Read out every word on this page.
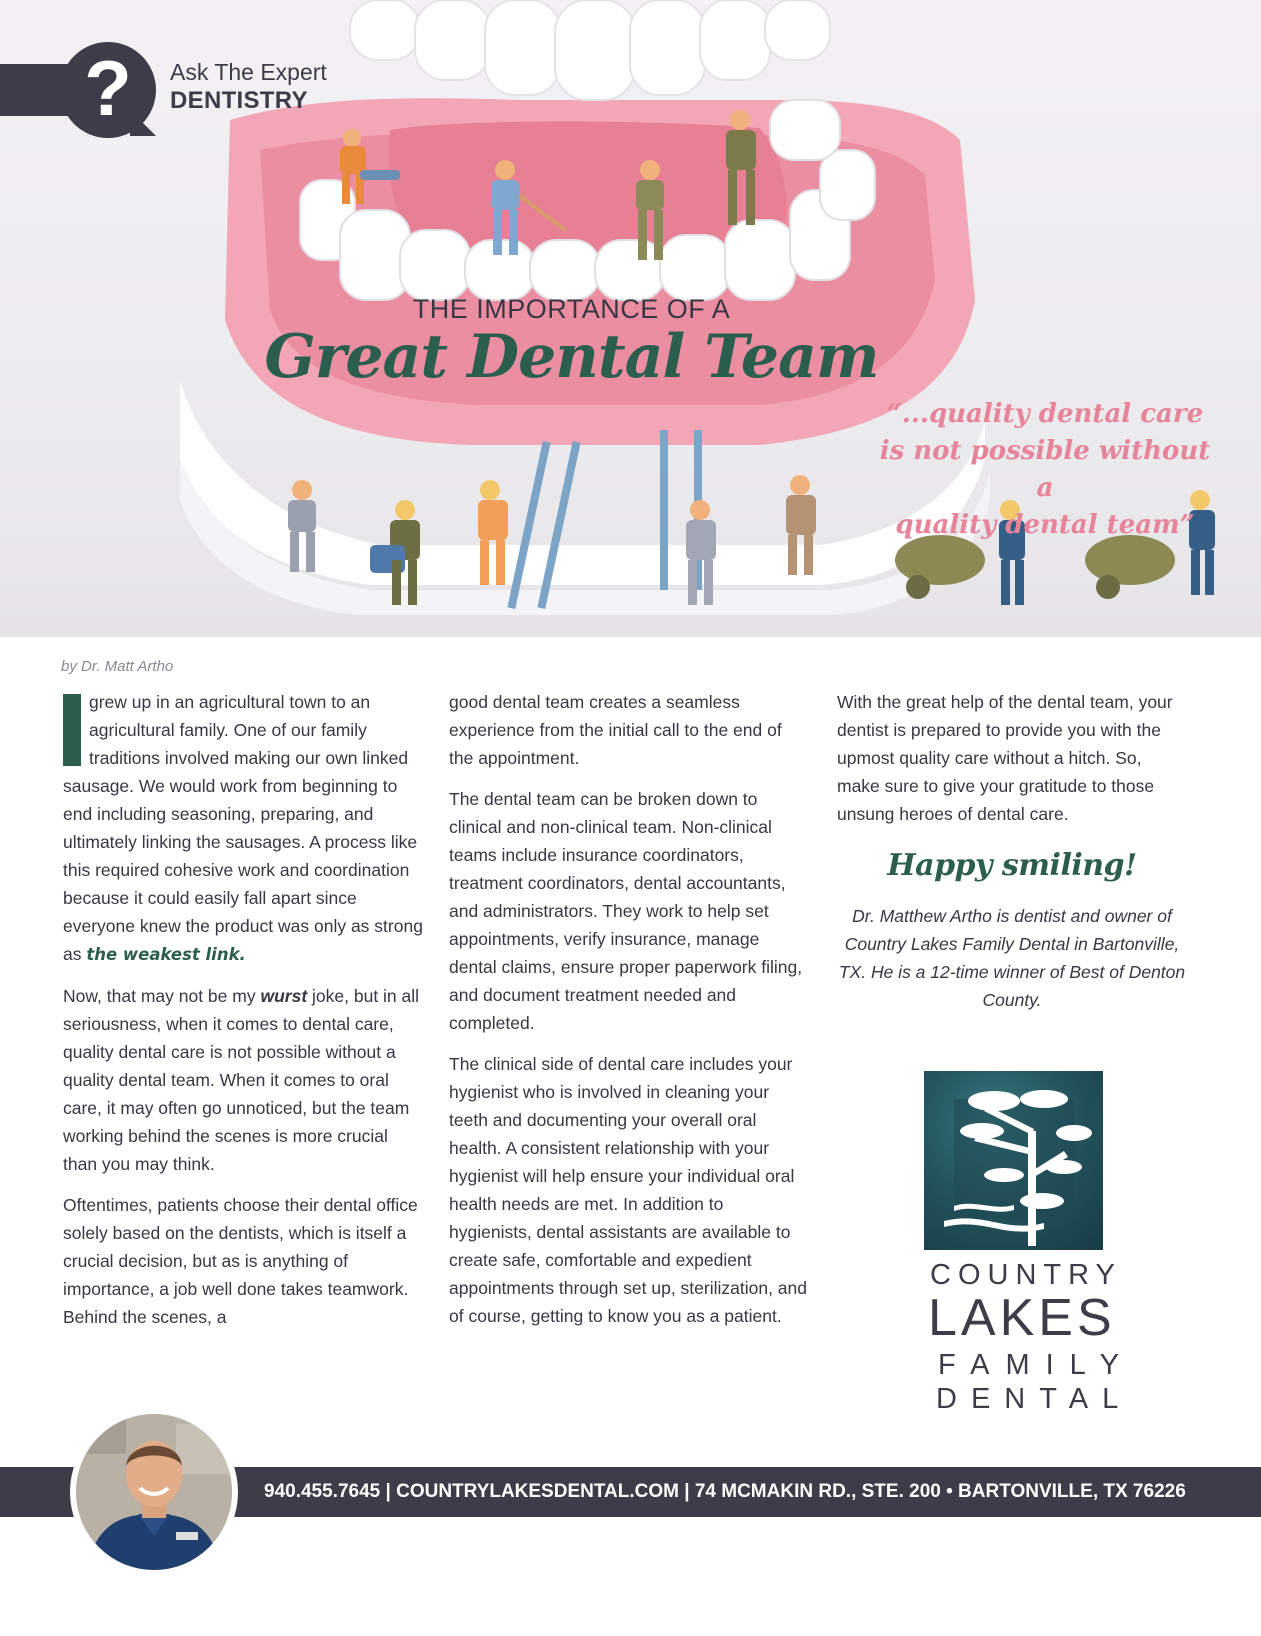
? Ask The Expert
DENTISTRY
THE IMPORTANCE OF A
Great Dental Team
“...quality dental care
is not possible without a
quality dental team”
by Dr. Matt Artho

grew up in an agricultural town to an agricultural family. One of our family traditions involved making our own linked sausage. We would work from beginning to end including seasoning, preparing, and ultimately linking the sausages. A process like this required cohesive work and coordination because it could easily fall apart since everyone knew the product was only as strong as the weakest link.

Now, that may not be my wurst joke, but in all seriousness, when it comes to dental care, quality dental care is not possible without a quality dental team. When it comes to oral care, it may often go unnoticed, but the team working behind the scenes is more crucial than you may think.

Oftentimes, patients choose their dental office solely based on the dentists, which is itself a crucial decision, but as is anything of importance, a job well done takes teamwork. Behind the scenes, a

good dental team creates a seamless experience from the initial call to the end of the appointment.

The dental team can be broken down to clinical and non-clinical team. Non-clinical teams include insurance coordinators, treatment coordinators, dental accountants, and administrators. They work to help set appointments, verify insurance, manage dental claims, ensure proper paperwork filing, and document treatment needed and completed.

The clinical side of dental care includes your hygienist who is involved in cleaning your teeth and documenting your overall oral health. A consistent relationship with your hygienist will help ensure your individual oral health needs are met. In addition to hygienists, dental assistants are available to create safe, comfortable and expedient appointments through set up, sterilization, and of course, getting to know you as a patient.

With the great help of the dental team, your dentist is prepared to provide you with the upmost quality care without a hitch. So, make sure to give your gratitude to those unsung heroes of dental care.

Happy smiling!
Dr. Matthew Artho is dentist and owner of Country Lakes Family Dental in Bartonville, TX. He is a 12-time winner of Best of Denton County.
COUNTRY
LAKES
FAMILY
DENTAL
940.455.7645 | COUNTRYLAKESDENTAL.COM | 74 MCMAKIN RD., STE. 200 • BARTONVILLE, TX 76226
